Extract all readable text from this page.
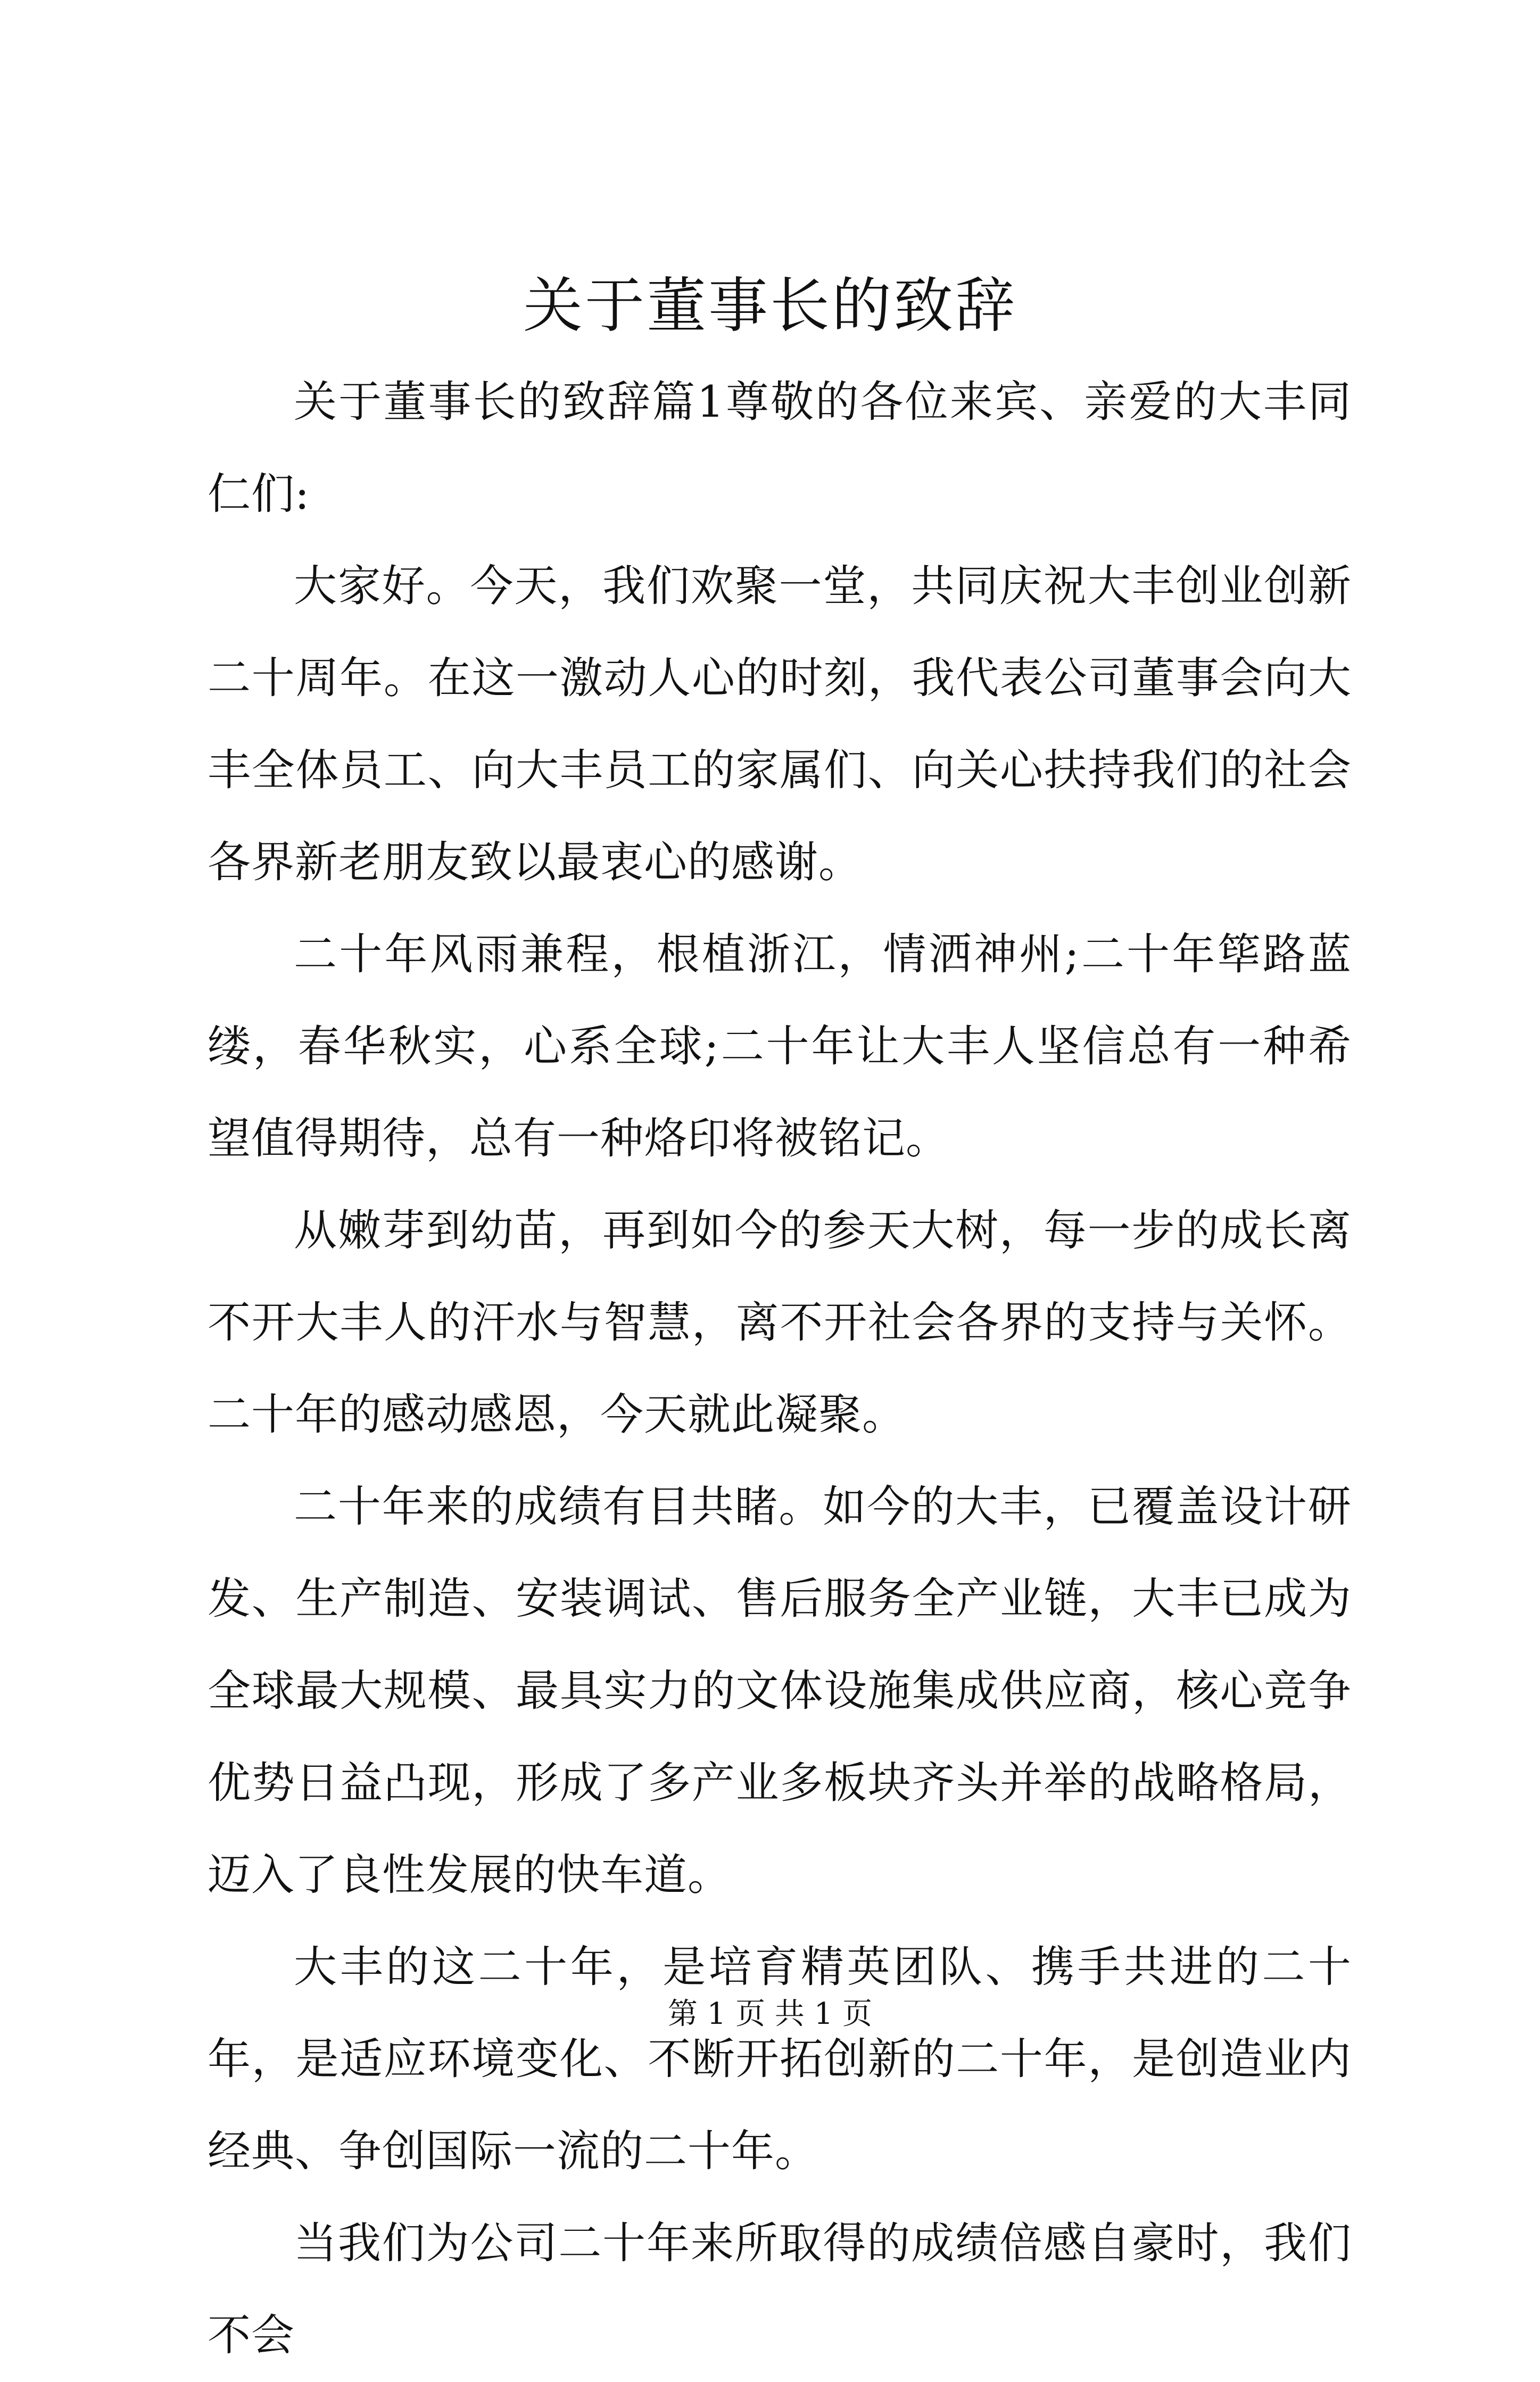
关于董事长的致辞

关于董事长的致辞篇1尊敬的各位来宾、亲爱的大丰同仁们:

大家好。今天，我们欢聚一堂，共同庆祝大丰创业创新二十周年。在这一激动人心的时刻，我代表公司董事会向大丰全体员工、向大丰员工的家属们、向关心扶持我们的社会各界新老朋友致以最衷心的感谢。

二十年风雨兼程，根植浙江，情洒神州;二十年筚路蓝缕，春华秋实，心系全球;二十年让大丰人坚信总有一种希望值得期待，总有一种烙印将被铭记。

从嫩芽到幼苗，再到如今的参天大树，每一步的成长离不开大丰人的汗水与智慧，离不开社会各界的支持与关怀。二十年的感动感恩，今天就此凝聚。

二十年来的成绩有目共睹。如今的大丰，已覆盖设计研发、生产制造、安装调试、售后服务全产业链，大丰已成为全球最大规模、最具实力的文体设施集成供应商，核心竞争优势日益凸现，形成了多产业多板块齐头并举的战略格局，迈入了良性发展的快车道。

大丰的这二十年，是培育精英团队、携手共进的二十年，是适应环境变化、不断开拓创新的二十年，是创造业内经典、争创国际一流的二十年。

当我们为公司二十年来所取得的成绩倍感自豪时，我们不会

第 1 页 共 1 页
